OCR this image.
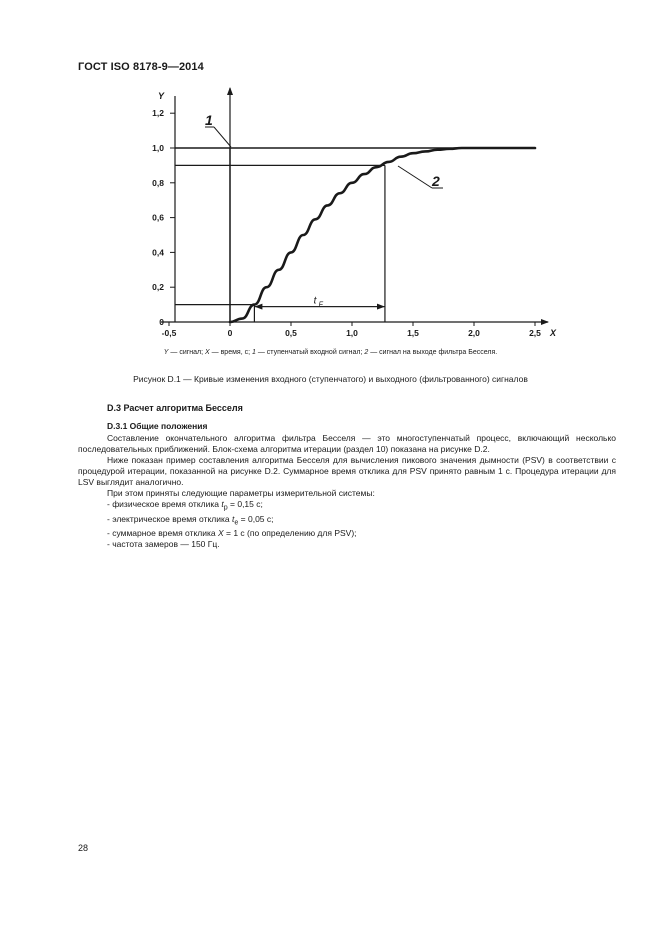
ГОСТ ISO 8178-9—2014
-0,5	0	0,5	1,0	1,5	2,0	2,5
0
0,2
0,4
0,6
0,8
1,0
1,2
X
Y
t F
1
2
Y — сигнал; X — время, с; 1 — ступенчатый входной сигнал; 2 — сигнал на выходе фильтра Бесселя.
Рисунок D.1 — Кривые изменения входного (ступенчатого) и выходного (фильтрованного) сигналов
D.3 Расчет алгоритма Бесселя
D.3.1 Общие положения

Составление окончательного алгоритма фильтра Бесселя — это многоступенчатый процесс, включающий несколько последовательных приближений. Блок-схема алгоритма итерации (раздел 10) показана на рисунке D.2.

Ниже показан пример составления алгоритма Бесселя для вычисления пикового значения дымности (PSV) в соответствии с процедурой итерации, показанной на рисунке D.2. Суммарное время отклика для PSV принято равным 1 с. Процедура итерации для LSV выглядит аналогично.

При этом приняты следующие параметры измерительной системы:

- физическое время отклика $t_p = 0,15$ с;
- электрическое время отклика $t_e = 0,05$ с;
- суммарное время отклика X = 1 с (по определению для PSV);
- частота замеров — 150 Гц.
28
